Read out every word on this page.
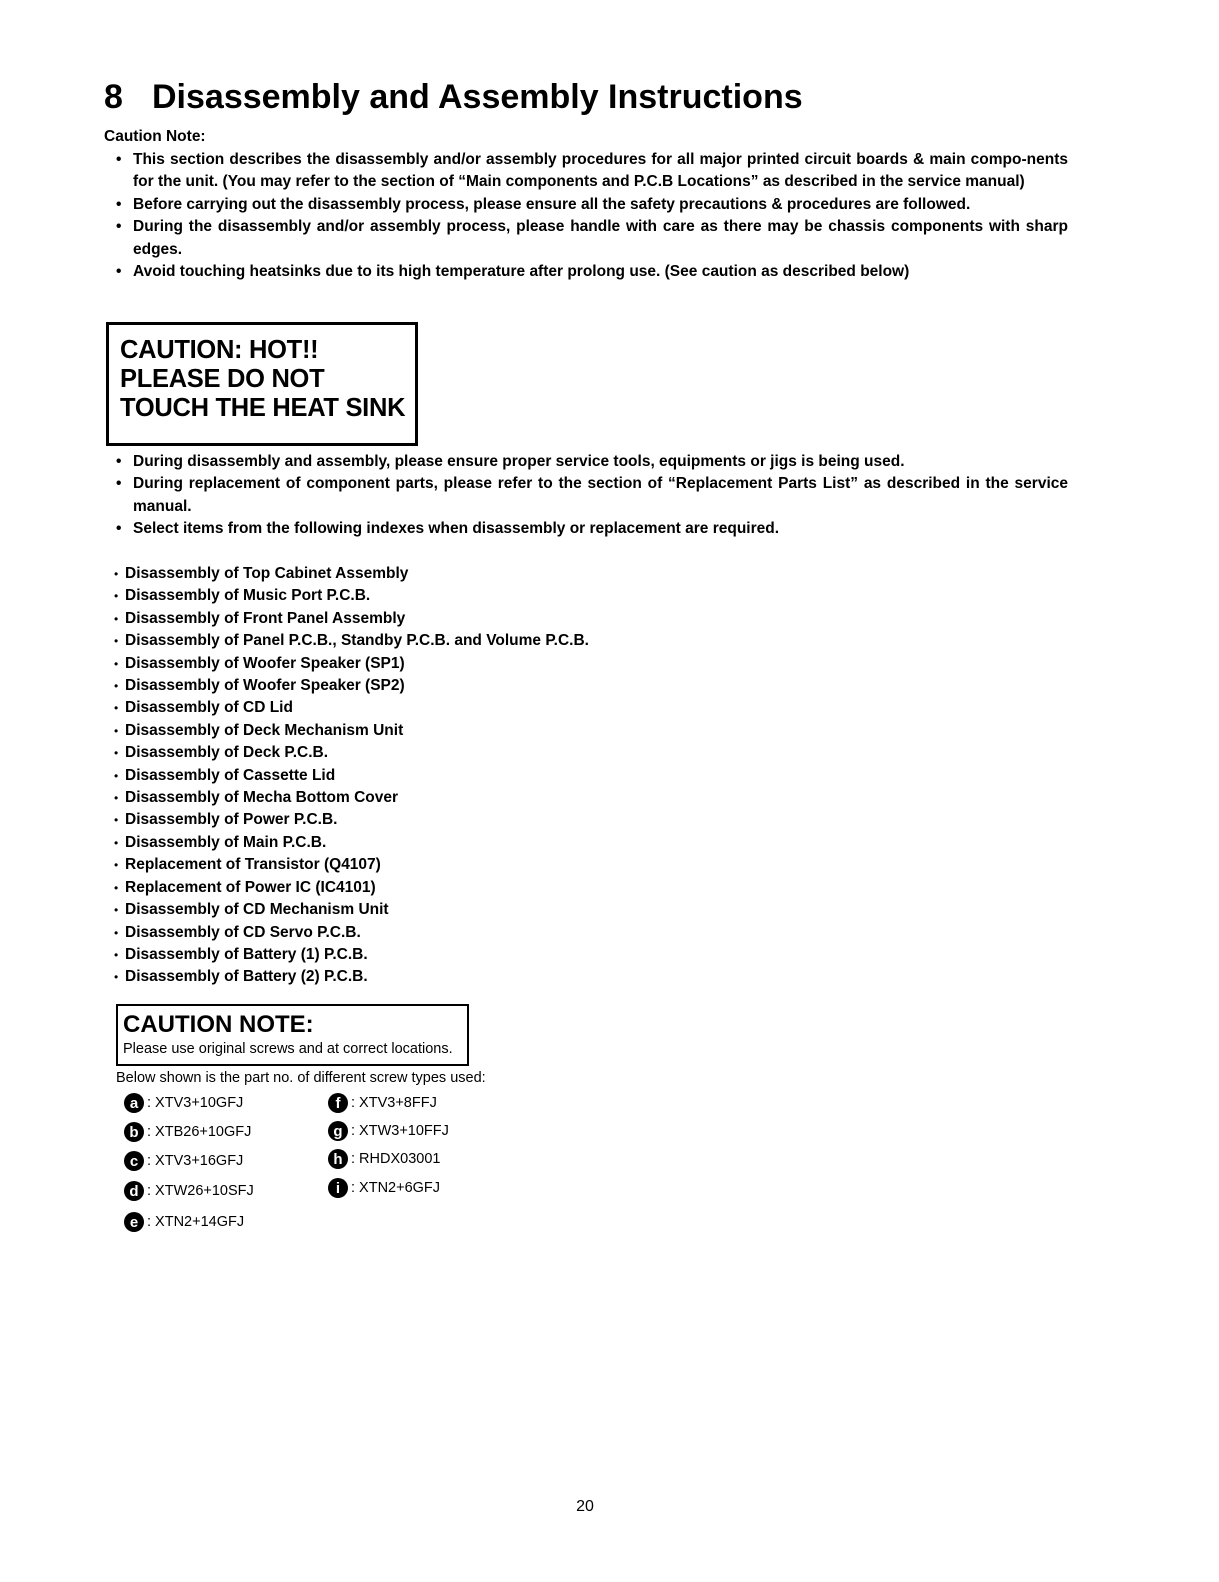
8 Disassembly and Assembly Instructions
Caution Note:
• This section describes the disassembly and/or assembly procedures for all major printed circuit boards & main compo-nents for the unit. (You may refer to the section of “Main components and P.C.B Locations” as described in the service manual)
• Before carrying out the disassembly process, please ensure all the safety precautions & procedures are followed.
• During the disassembly and/or assembly process, please handle with care as there may be chassis components with sharp edges.
• Avoid touching heatsinks due to its high temperature after prolong use. (See caution as described below)
CAUTION: HOT!!
PLEASE DO NOT
TOUCH THE HEAT SINK
• During disassembly and assembly, please ensure proper service tools, equipments or jigs is being used.
• During replacement of component parts, please refer to the section of “Replacement Parts List” as described in the service manual.
• Select items from the following indexes when disassembly or replacement are required.
• Disassembly of Top Cabinet Assembly
• Disassembly of Music Port P.C.B.
• Disassembly of Front Panel Assembly
• Disassembly of Panel P.C.B., Standby P.C.B. and Volume P.C.B.
• Disassembly of Woofer Speaker (SP1)
• Disassembly of Woofer Speaker (SP2)
• Disassembly of CD Lid
• Disassembly of Deck Mechanism Unit
• Disassembly of Deck P.C.B.
• Disassembly of Cassette Lid
• Disassembly of Mecha Bottom Cover
• Disassembly of Power P.C.B.
• Disassembly of Main P.C.B.
• Replacement of Transistor (Q4107)
• Replacement of Power IC (IC4101)
• Disassembly of CD Mechanism Unit
• Disassembly of CD Servo P.C.B.
• Disassembly of Battery (1) P.C.B.
• Disassembly of Battery (2) P.C.B.
CAUTION NOTE:
Please use original screws and at correct locations.
Below shown is the part no. of different screw types used:
a : XTV3+10GFJ
b : XTB26+10GFJ
c : XTV3+16GFJ
d : XTW26+10SFJ
e : XTN2+14GFJ
f : XTV3+8FFJ
g : XTW3+10FFJ
h : RHDX03001
i : XTN2+6GFJ
20
